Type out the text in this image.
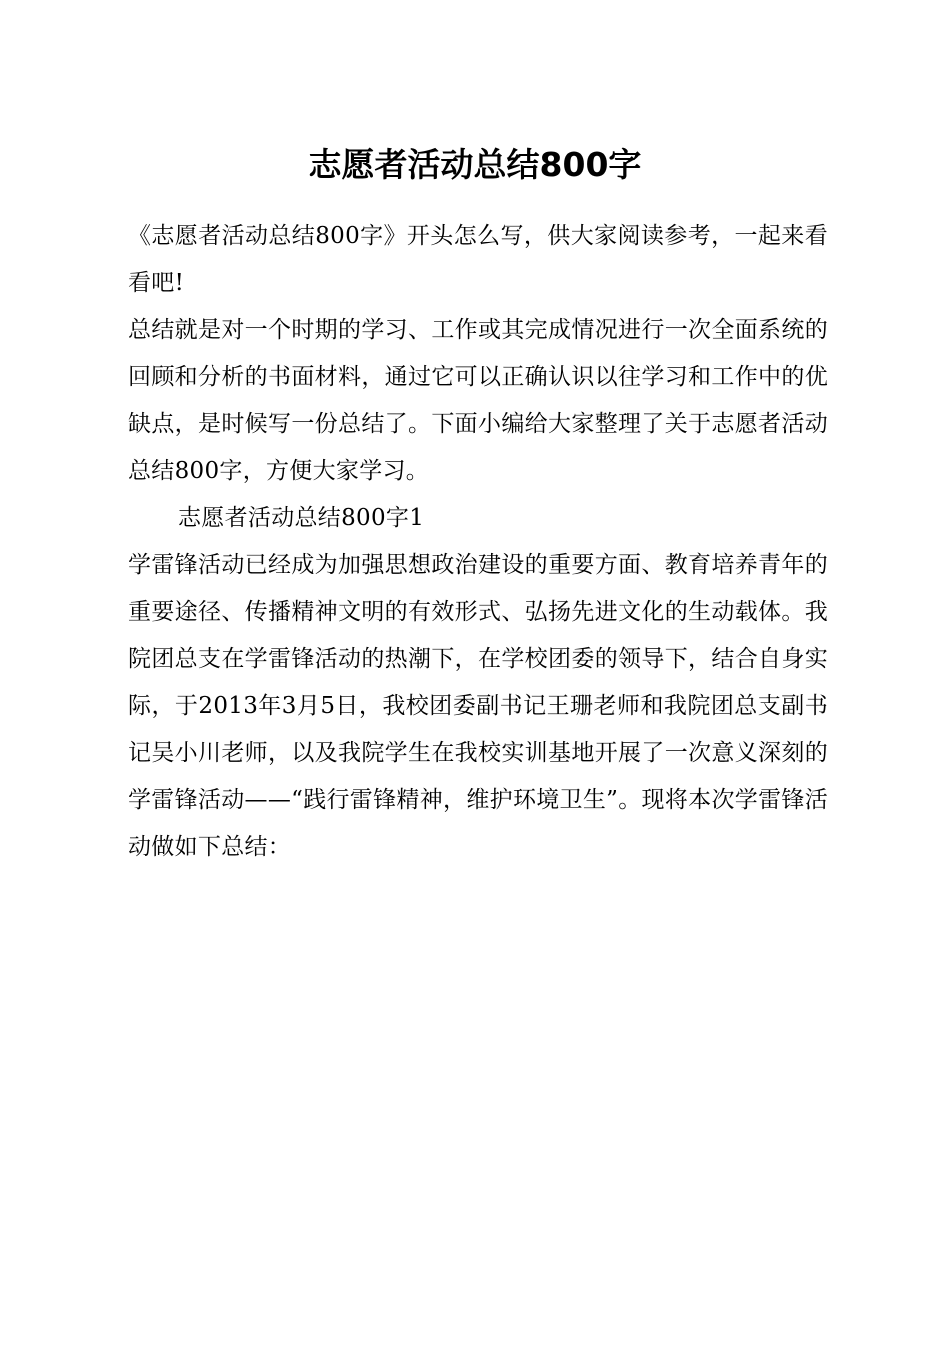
志愿者活动总结800字

《志愿者活动总结800字》开头怎么写，供大家阅读参考，一起来看看吧!

总结就是对一个时期的学习、工作或其完成情况进行一次全面系统的回顾和分析的书面材料，通过它可以正确认识以往学习和工作中的优缺点，是时候写一份总结了。下面小编给大家整理了关于志愿者活动总结800字，方便大家学习。

志愿者活动总结800字1

学雷锋活动已经成为加强思想政治建设的重要方面、教育培养青年的重要途径、传播精神文明的有效形式、弘扬先进文化的生动载体。我院团总支在学雷锋活动的热潮下，在学校团委的领导下，结合自身实际，于2013年3月5日，我校团委副书记王珊老师和我院团总支副书记吴小川老师，以及我院学生在我校实训基地开展了一次意义深刻的学雷锋活动——“践行雷锋精神，维护环境卫生”。现将本次学雷锋活动做如下总结：
